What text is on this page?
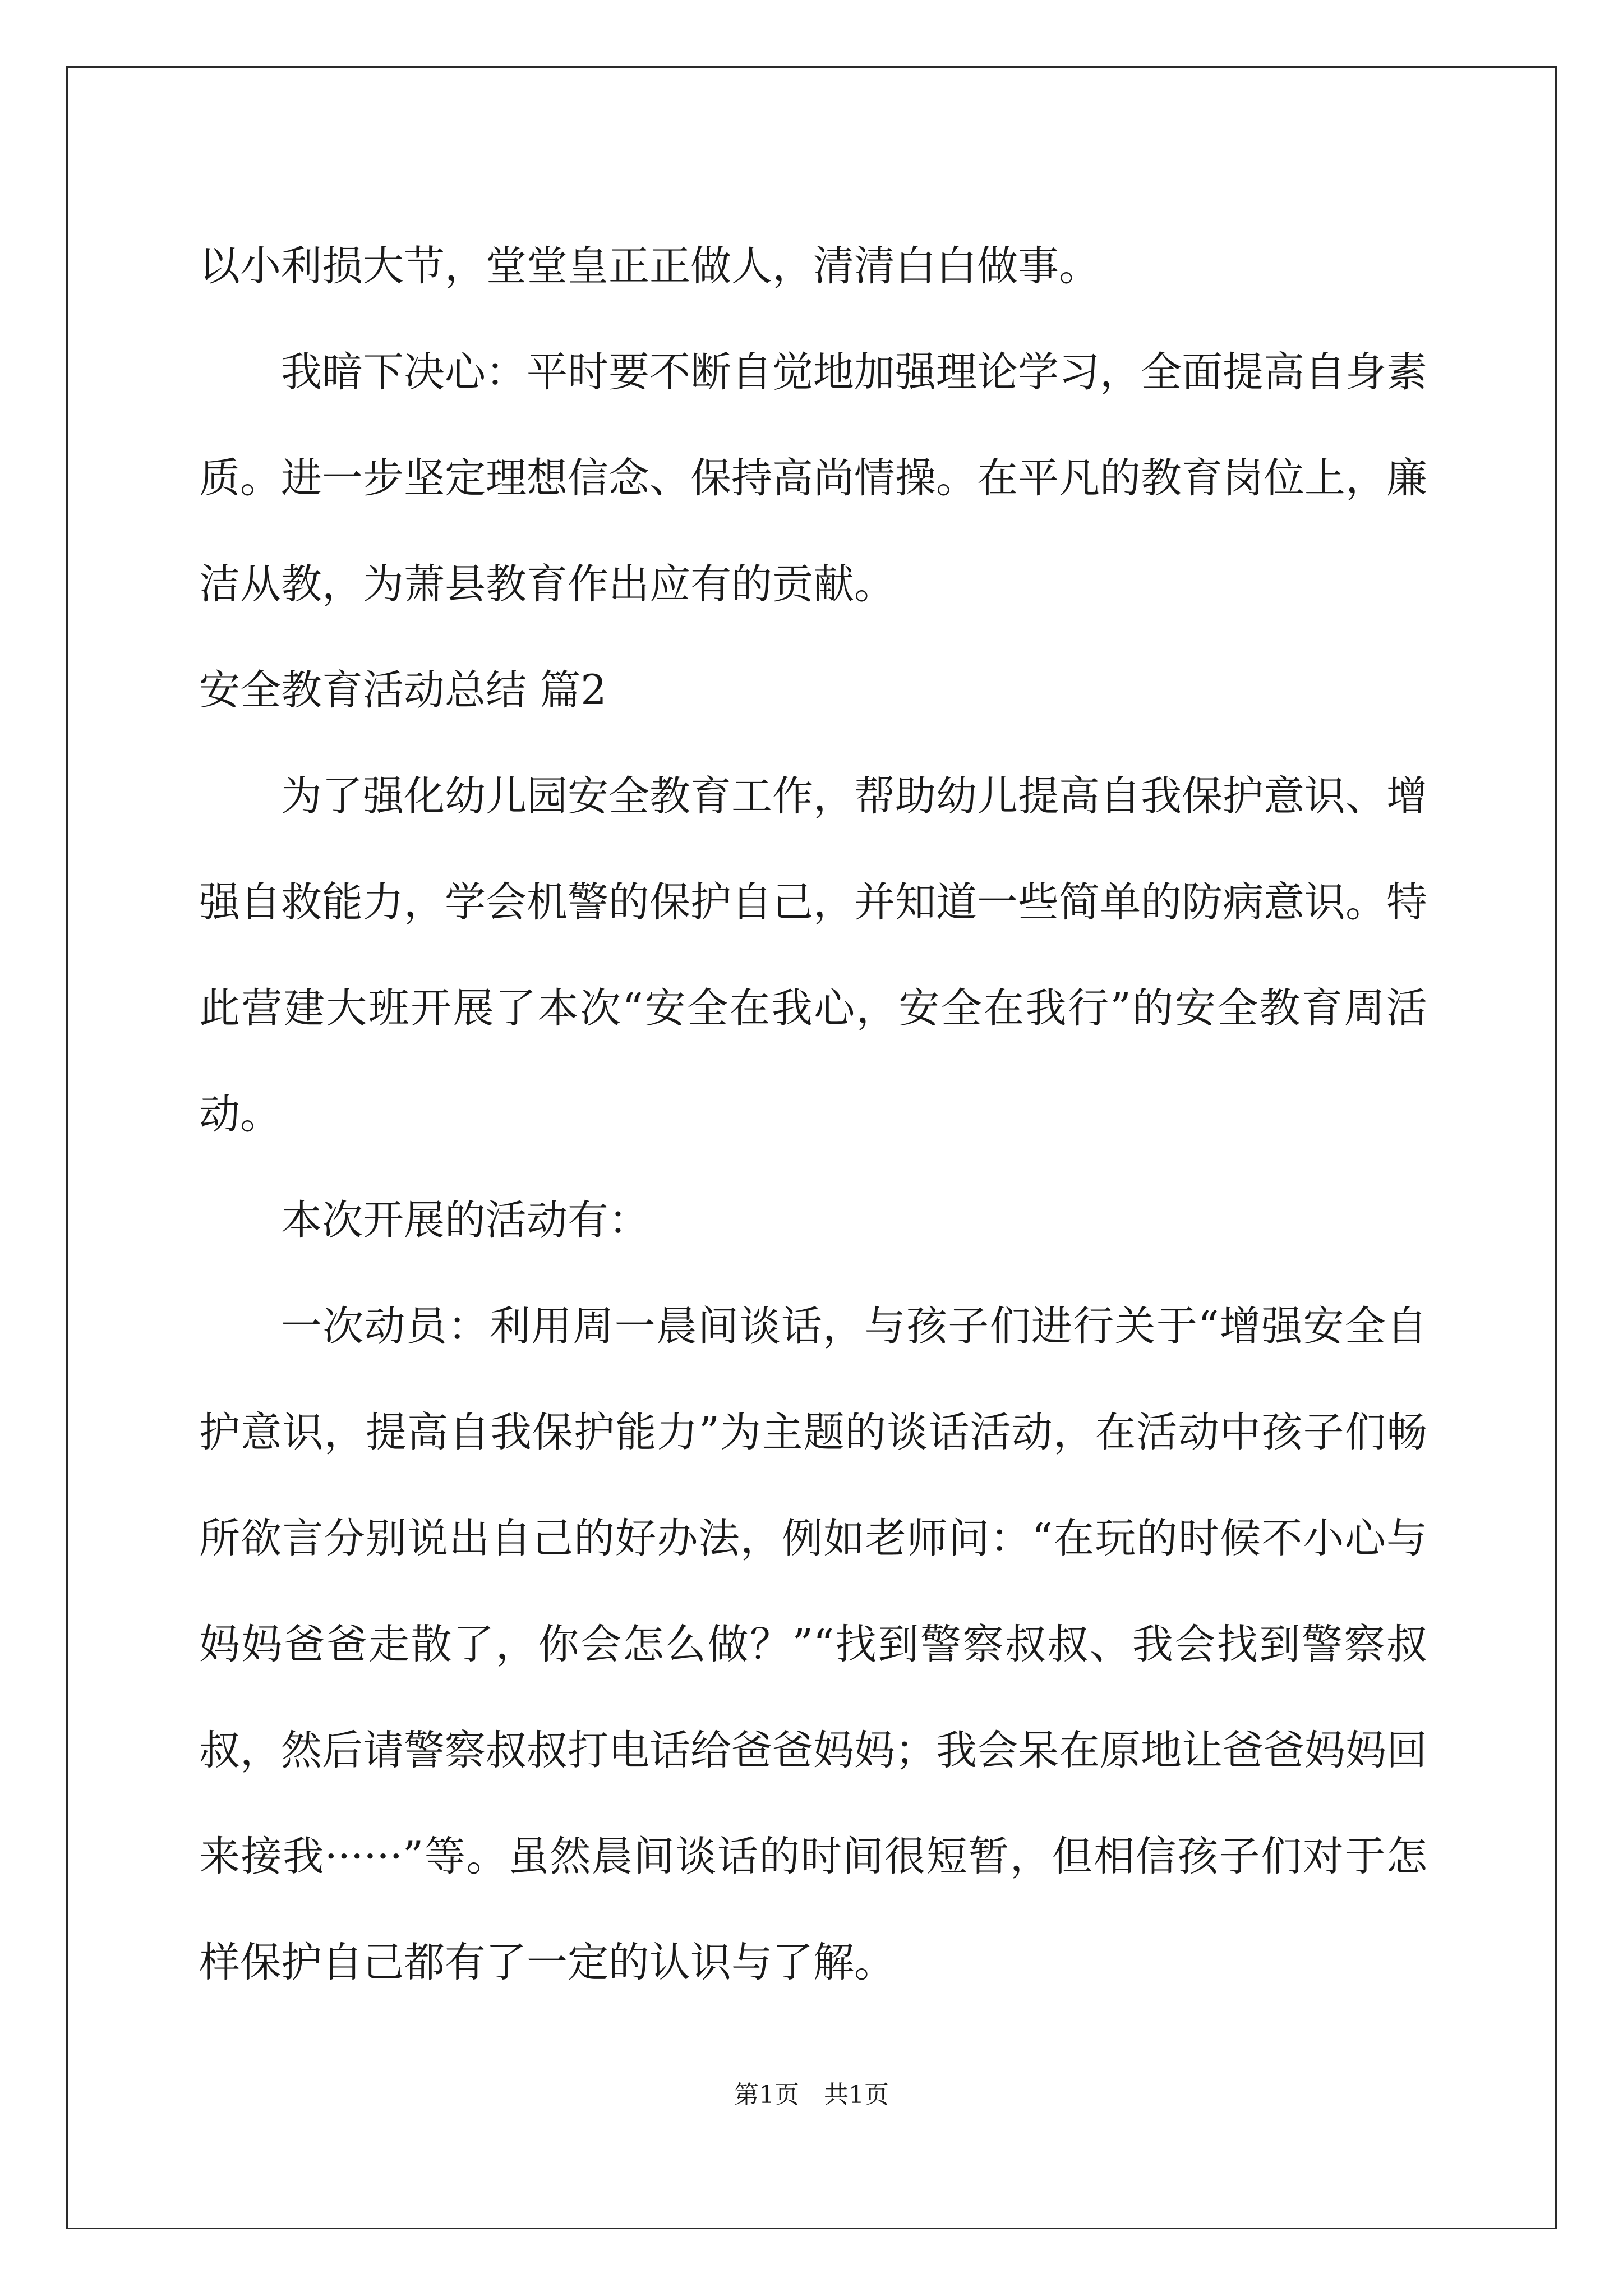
以小利损大节，堂堂皇正正做人，清清白白做事。

我暗下决心：平时要不断自觉地加强理论学习，全面提高自身素质。进一步坚定理想信念、保持高尚情操。在平凡的教育岗位上，廉洁从教，为萧县教育作出应有的贡献。

安全教育活动总结 篇2

为了强化幼儿园安全教育工作，帮助幼儿提高自我保护意识、增强自救能力，学会机警的保护自己，并知道一些简单的防病意识。特此营建大班开展了本次“安全在我心，安全在我行”的安全教育周活动。

本次开展的活动有：

一次动员：利用周一晨间谈话，与孩子们进行关于“增强安全自护意识，提高自我保护能力”为主题的谈话活动，在活动中孩子们畅所欲言分别说出自己的好办法，例如老师问：“在玩的时候不小心与妈妈爸爸走散了，你会怎么做？”“找到警察叔叔、我会找到警察叔叔，然后请警察叔叔打电话给爸爸妈妈；我会呆在原地让爸爸妈妈回来接我······”等。虽然晨间谈话的时间很短暂，但相信孩子们对于怎样保护自己都有了一定的认识与了解。

第1页　共1页
